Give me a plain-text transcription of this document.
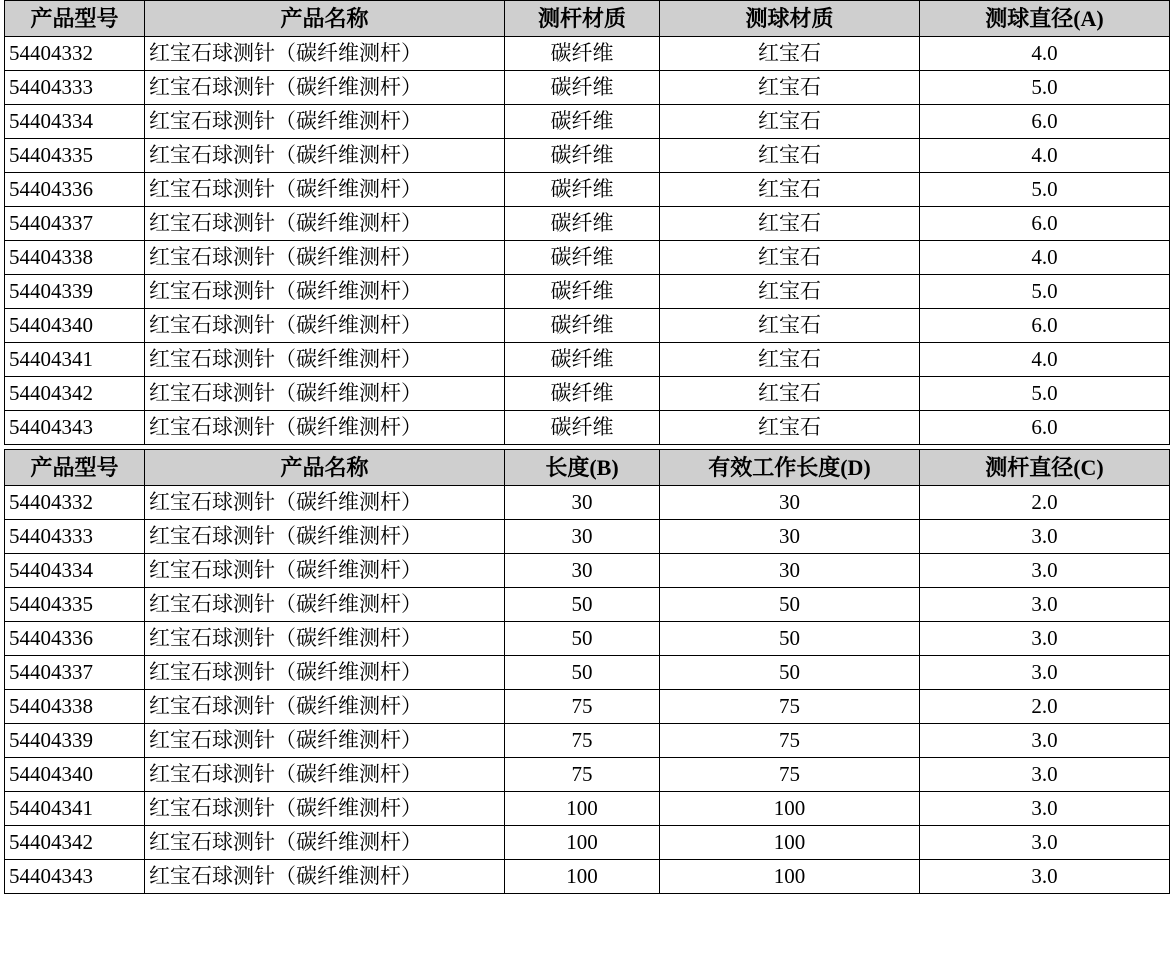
产品型号	产品名称	测杆材质	测球材质	测球直径(A)
54404332	红宝石球测针（碳纤维测杆）	碳纤维	红宝石	4.0
54404333	红宝石球测针（碳纤维测杆）	碳纤维	红宝石	5.0
54404334	红宝石球测针（碳纤维测杆）	碳纤维	红宝石	6.0
54404335	红宝石球测针（碳纤维测杆）	碳纤维	红宝石	4.0
54404336	红宝石球测针（碳纤维测杆）	碳纤维	红宝石	5.0
54404337	红宝石球测针（碳纤维测杆）	碳纤维	红宝石	6.0
54404338	红宝石球测针（碳纤维测杆）	碳纤维	红宝石	4.0
54404339	红宝石球测针（碳纤维测杆）	碳纤维	红宝石	5.0
54404340	红宝石球测针（碳纤维测杆）	碳纤维	红宝石	6.0
54404341	红宝石球测针（碳纤维测杆）	碳纤维	红宝石	4.0
54404342	红宝石球测针（碳纤维测杆）	碳纤维	红宝石	5.0
54404343	红宝石球测针（碳纤维测杆）	碳纤维	红宝石	6.0
产品型号	产品名称	长度(B)	有效工作长度(D)	测杆直径(C)
54404332	红宝石球测针（碳纤维测杆）	30	30	2.0
54404333	红宝石球测针（碳纤维测杆）	30	30	3.0
54404334	红宝石球测针（碳纤维测杆）	30	30	3.0
54404335	红宝石球测针（碳纤维测杆）	50	50	3.0
54404336	红宝石球测针（碳纤维测杆）	50	50	3.0
54404337	红宝石球测针（碳纤维测杆）	50	50	3.0
54404338	红宝石球测针（碳纤维测杆）	75	75	2.0
54404339	红宝石球测针（碳纤维测杆）	75	75	3.0
54404340	红宝石球测针（碳纤维测杆）	75	75	3.0
54404341	红宝石球测针（碳纤维测杆）	100	100	3.0
54404342	红宝石球测针（碳纤维测杆）	100	100	3.0
54404343	红宝石球测针（碳纤维测杆）	100	100	3.0
